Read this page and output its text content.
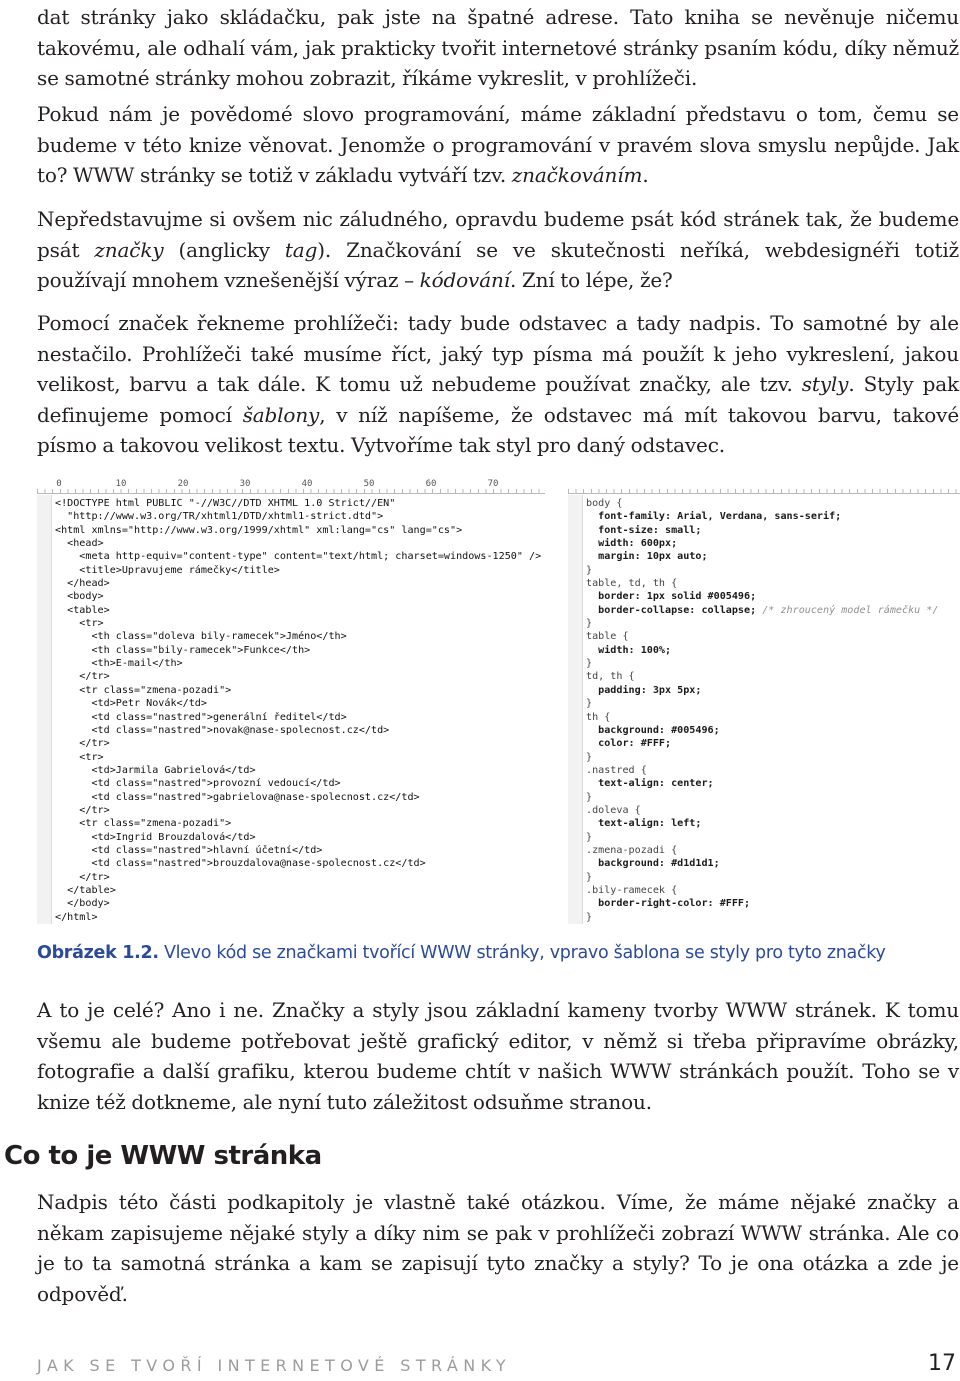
dat stránky jako skládačku, pak jste na špatné adrese. Tato kniha se nevěnuje ničemu takovému, ale odhalí vám, jak prakticky tvořit internetové stránky psaním kódu, díky němuž se samotné stránky mohou zobrazit, říkáme vykreslit, v prohlížeči.

Pokud nám je povědomé slovo programování, máme základní představu o tom, čemu se budeme v této knize věnovat. Jenomže o programování v pravém slova smyslu nepůjde. Jak to? WWW stránky se totiž v základu vytváří tzv. značkováním.

Nepředstavujme si ovšem nic záludného, opravdu budeme psát kód stránek tak, že budeme psát značky (anglicky tag). Značkování se ve skutečnosti neříká, webdesignéři totiž používají mnohem vznešenější výraz – kódování. Zní to lépe, že?

Pomocí značek řekneme prohlížeči: tady bude odstavec a tady nadpis. To samotné by ale nestačilo. Prohlížeči také musíme říct, jaký typ písma má použít k jeho vykreslení, jakou velikost, barvu a tak dále. K tomu už nebudeme používat značky, ale tzv. styly. Styly pak definujeme pomocí šablony, v níž napíšeme, že odstavec má mít takovou barvu, takové písmo a takovou velikost textu. Vytvoříme tak styl pro daný odstavec.

0	10	20	30	40	50	60	70
<!DOCTYPE html PUBLIC "-//W3C//DTD XHTML 1.0 Strict//EN"
"http://www.w3.org/TR/xhtml1/DTD/xhtml1-strict.dtd">
<html xmlns="http://www.w3.org/1999/xhtml" xml:lang="cs" lang="cs">
<head>
<meta http-equiv="content-type" content="text/html; charset=windows-1250" />
<title>Upravujeme rámečky</title>
</head>
<body>
<table>
<tr>
<th class="doleva bily-ramecek">Jméno</th>
<th class="bily-ramecek">Funkce</th>
<th>E-mail</th>
</tr>
<tr class="zmena-pozadi">
<td>Petr Novák</td>
<td class="nastred">generální ředitel</td>
<td class="nastred">novak@nase-spolecnost.cz</td>
</tr>
<tr>
<td>Jarmila Gabrielová</td>
<td class="nastred">provozní vedoucí</td>
<td class="nastred">gabrielova@nase-spolecnost.cz</td>
</tr>
<tr class="zmena-pozadi">
<td>Ingrid Brouzdalová</td>
<td class="nastred">hlavní účetní</td>
<td class="nastred">brouzdalova@nase-spolecnost.cz</td>
</tr>
</table>
</body>
</html>
body {
font-family: Arial, Verdana, sans-serif;
font-size: small;
width: 600px;
margin: 10px auto;
}
table, td, th {
border: 1px solid #005496;
border-collapse: collapse; /* zhroucený model rámečku */
}
table {
width: 100%;
}
td, th {
padding: 3px 5px;
}
th {
background: #005496;
color: #FFF;
}
.nastred {
text-align: center;
}
.doleva {
text-align: left;
}
.zmena-pozadi {
background: #d1d1d1;
}
.bily-ramecek {
border-right-color: #FFF;
}
Obrázek 1.2. Vlevo kód se značkami tvořící WWW stránky, vpravo šablona se styly pro tyto značky

A to je celé? Ano i ne. Značky a styly jsou základní kameny tvorby WWW stránek. K tomu všemu ale budeme potřebovat ještě grafický editor, v němž si třeba připravíme obrázky, fotografie a další grafiku, kterou budeme chtít v našich WWW stránkách použít. Toho se v knize též dotkneme, ale nyní tuto záležitost odsuňme stranou.

Co to je WWW stránka

Nadpis této části podkapitoly je vlastně také otázkou. Víme, že máme nějaké značky a někam zapisujeme nějaké styly a díky nim se pak v prohlížeči zobrazí WWW stránka. Ale co je to ta samotná stránka a kam se zapisují tyto značky a styly? To je ona otázka a zde je odpověď.

JAK SE TVOŘÍ INTERNETOVÉ STRÁNKY	17
